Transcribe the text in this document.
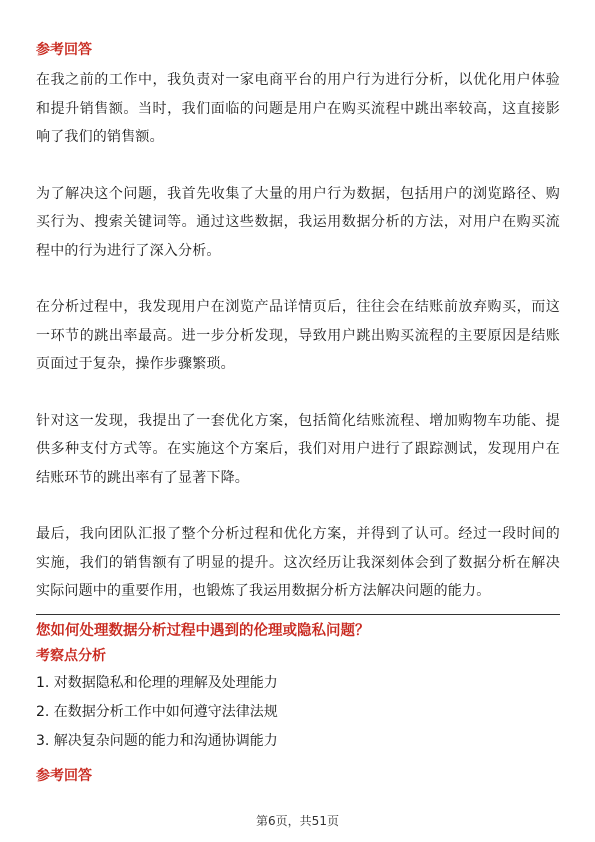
参考回答

在我之前的工作中，我负责对一家电商平台的用户行为进行分析，以优化用户体验和提升销售额。当时，我们面临的问题是用户在购买流程中跳出率较高，这直接影响了我们的销售额。

为了解决这个问题，我首先收集了大量的用户行为数据，包括用户的浏览路径、购买行为、搜索关键词等。通过这些数据，我运用数据分析的方法，对用户在购买流程中的行为进行了深入分析。

在分析过程中，我发现用户在浏览产品详情页后，往往会在结账前放弃购买，而这一环节的跳出率最高。进一步分析发现，导致用户跳出购买流程的主要原因是结账页面过于复杂，操作步骤繁琐。

针对这一发现，我提出了一套优化方案，包括简化结账流程、增加购物车功能、提供多种支付方式等。在实施这个方案后，我们对用户进行了跟踪测试，发现用户在结账环节的跳出率有了显著下降。

最后，我向团队汇报了整个分析过程和优化方案，并得到了认可。经过一段时间的实施，我们的销售额有了明显的提升。这次经历让我深刻体会到了数据分析在解决实际问题中的重要作用，也锻炼了我运用数据分析方法解决问题的能力。

您如何处理数据分析过程中遇到的伦理或隐私问题？

考察点分析

1. 对数据隐私和伦理的理解及处理能力
2. 在数据分析工作中如何遵守法律法规
3. 解决复杂问题的能力和沟通协调能力

参考回答

第6页，共51页
